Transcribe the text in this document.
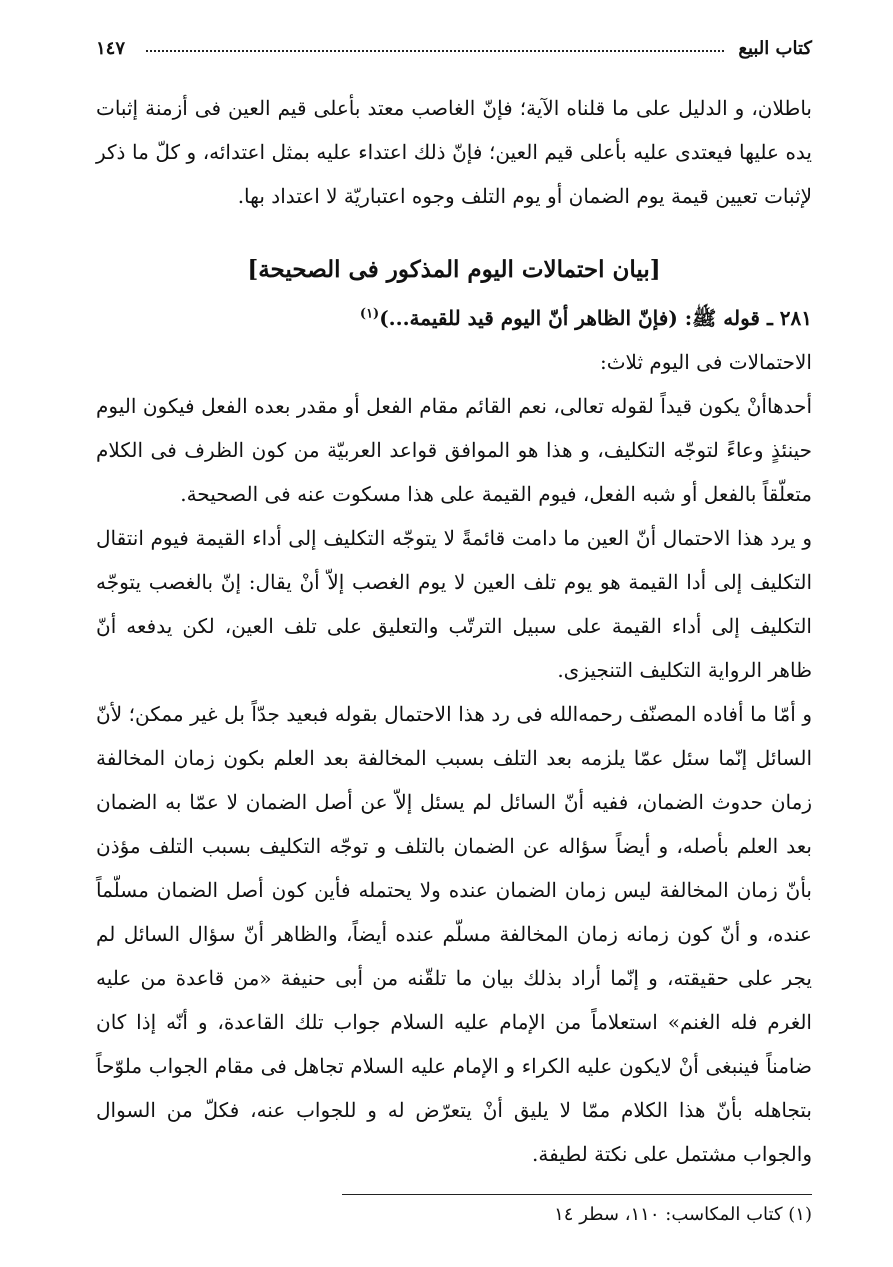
كتاب البيع
١٤٧

باطلان، و الدليل على ما قلناه الآية؛ فإنّ الغاصب معتد بأعلى قيم العين فى أزمنة إثبات يده عليها فيعتدى عليه بأعلى قيم العين؛ فإنّ ذلك اعتداء عليه بمثل اعتدائه، و كلّ ما ذكر لإثبات تعيين قيمة يوم الضمان أو يوم التلف وجوه اعتباريّة لا اعتداد بها.

[بيان احتمالات اليوم المذكور فى الصحيحة]

٢٨١ ـ قوله ﷺ: (فإنّ الظاهر أنّ اليوم قيد للقيمة...)$^{(١)}$

الاحتمالات فى اليوم ثلاث:

أحدهاأنْ يكون قيداً لقوله تعالى، نعم القائم مقام الفعل أو مقدر بعده الفعل فيكون اليوم حينئذٍ وعاءً لتوجّه التكليف، و هذا هو الموافق قواعد العربيّة من كون الظرف فى الكلام متعلّقاً بالفعل أو شبه الفعل، فيوم القيمة على هذا مسكوت عنه فى الصحيحة.

و يرد هذا الاحتمال أنّ العين ما دامت قائمةً لا يتوجّه التكليف إلى أداء القيمة فيوم انتقال التكليف إلى أدا القيمة هو يوم تلف العين لا يوم الغصب إلاّ أنْ يقال: إنّ بالغصب يتوجّه التكليف إلى أداء القيمة على سبيل الترتّب والتعليق على تلف العين، لكن يدفعه أنّ ظاهر الرواية التكليف التنجيزى.

و أمّا ما أفاده المصنّف رحمه‌الله فى رد هذا الاحتمال بقوله فبعيد جدّاً بل غير ممكن؛ لأنّ السائل إنّما سئل عمّا يلزمه بعد التلف بسبب المخالفة بعد العلم بكون زمان المخالفة زمان حدوث الضمان، ففيه أنّ السائل لم يسئل إلاّ عن أصل الضمان لا عمّا به الضمان بعد العلم بأصله، و أيضاً سؤاله عن الضمان بالتلف و توجّه التكليف بسبب التلف مؤذن بأنّ زمان المخالفة ليس زمان الضمان عنده ولا يحتمله فأين كون أصل الضمان مسلّماً عنده، و أنّ كون زمانه زمان المخالفة مسلّم عنده أيضاً، والظاهر أنّ سؤال السائل لم يجر على حقيقته، و إنّما أراد بذلك بيان ما تلقّنه من أبى حنيفة «من قاعدة من عليه الغرم فله الغنم» استعلاماً من الإمام عليه السلام جواب تلك القاعدة، و أنّه إذا كان ضامناً فينبغى أنْ لايكون عليه الكراء و الإمام عليه السلام تجاهل فى مقام الجواب ملوّحاً بتجاهله بأنّ هذا الكلام ممّا لا يليق أنْ يتعرّض له و للجواب عنه، فكلّ من السوال والجواب مشتمل على نكتة لطيفة.

(١) كتاب المكاسب: ١١٠، سطر ١٤
